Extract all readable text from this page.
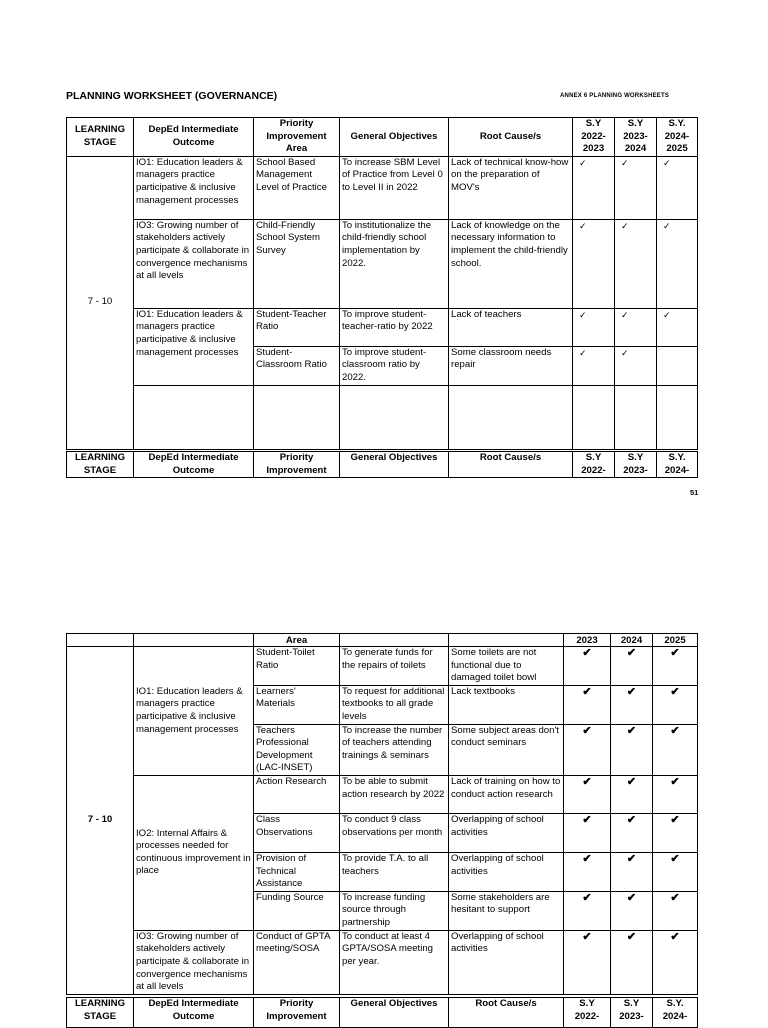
PLANNING WORKSHEET (GOVERNANCE)	ANNEX 6 PLANNING WORKSHEETS
LEARNING STAGE	DepEd Intermediate Outcome	Priority Improvement Area	General Objectives	Root Cause/s	S.Y 2022-2023	S.Y 2023-2024	S.Y. 2024-2025
7 - 10	IO1: Education leaders & managers practice participative & inclusive management processes	School Based Management Level of Practice	To increase SBM Level of Practice from Level 0 to Level II in 2022	Lack of technical know-how on the preparation of MOV's	✓	✓	✓
	IO3: Growing number of stakeholders actively participate & collaborate in convergence mechanisms at all levels	Child-Friendly School System Survey	To institutionalize the child-friendly school implementation by 2022.	Lack of knowledge on the necessary information to implement the child-friendly school.	✓	✓	✓
	IO1: Education leaders & managers practice participative & inclusive management processes	Student-Teacher Ratio	To improve student-teacher-ratio by 2022	Lack of teachers	✓	✓	✓
		Student-Classroom Ratio	To improve student-classroom ratio by 2022.	Some classroom needs repair	✓	✓	

LEARNING STAGE	DepEd Intermediate Outcome	Priority Improvement	General Objectives	Root Cause/s	S.Y 2022-	S.Y 2023-	S.Y. 2024-
51
		Area			2023	2024	2025
7 - 10	IO1: Education leaders & managers practice participative & inclusive management processes	Student-Toilet Ratio	To generate funds for the repairs of toilets	Some toilets are not functional due to damaged toilet bowl	✔	✔	✔
		Learners' Materials	To request for additional textbooks to all grade levels	Lack textbooks	✔	✔	✔
		Teachers Professional Development (LAC-INSET)	To increase the number of teachers attending trainings & seminars	Some subject areas don't conduct seminars	✔	✔	✔
	IO2: Internal Affairs & processes needed for continuous improvement in place	Action Research	To be able to submit action research by 2022	Lack of training on how to conduct action research	✔	✔	✔
		Class Observations	To conduct 9 class observations per month	Overlapping of school activities	✔	✔	✔
		Provision of Technical Assistance	To provide T.A. to all teachers	Overlapping of school activities	✔	✔	✔
		Funding Source	To increase funding source through partnership	Some stakeholders are hesitant to support	✔	✔	✔
	IO3: Growing number of stakeholders actively participate & collaborate in convergence mechanisms at all levels	Conduct of GPTA meeting/SOSA	To conduct at least 4 GPTA/SOSA meeting per year.	Overlapping of school activities	✔	✔	✔
LEARNING STAGE	DepEd Intermediate Outcome	Priority Improvement	General Objectives	Root Cause/s	S.Y 2022-	S.Y 2023-	S.Y. 2024-
